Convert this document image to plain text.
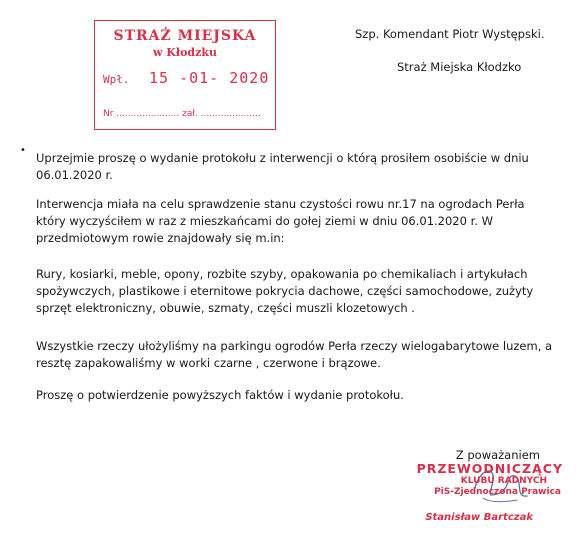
STRAŻ MIEJSKA
w Kłodzku
Wpł. 15 -01- 2020
Nr ...................... zał. .....................
Szp. Komendant Piotr Występski.
Straż Miejska Kłodzko
•
Uprzejmie proszę o wydanie protokołu z interwencji o którą prosiłem osobiście w dniu 06.01.2020 r.
Interwencja miała na celu sprawdzenie stanu czystości rowu nr.17 na ogrodach Perła który wyczyściłem w raz z mieszkańcami do gołej ziemi w dniu 06.01.2020 r. W przedmiotowym rowie znajdowały się m.in:
Rury, kosiarki, meble, opony, rozbite szyby, opakowania po chemikaliach i artykułach spożywczych, plastikowe i eternitowe pokrycia dachowe, części samochodowe, zużyty sprzęt elektroniczny, obuwie, szmaty, części muszli klozetowych .
Wszystkie rzeczy ułożyliśmy na parkingu ogrodów Perła rzeczy wielogabarytowe luzem, a resztę zapakowaliśmy w worki czarne , czerwone i brązowe.
Proszę o potwierdzenie powyższych faktów i wydanie protokołu.
Z poważaniem
PRZEWODNICZĄCY
KLUBU RADNYCH
PiS-Zjednoczona Prawica
Stanisław Bartczak
